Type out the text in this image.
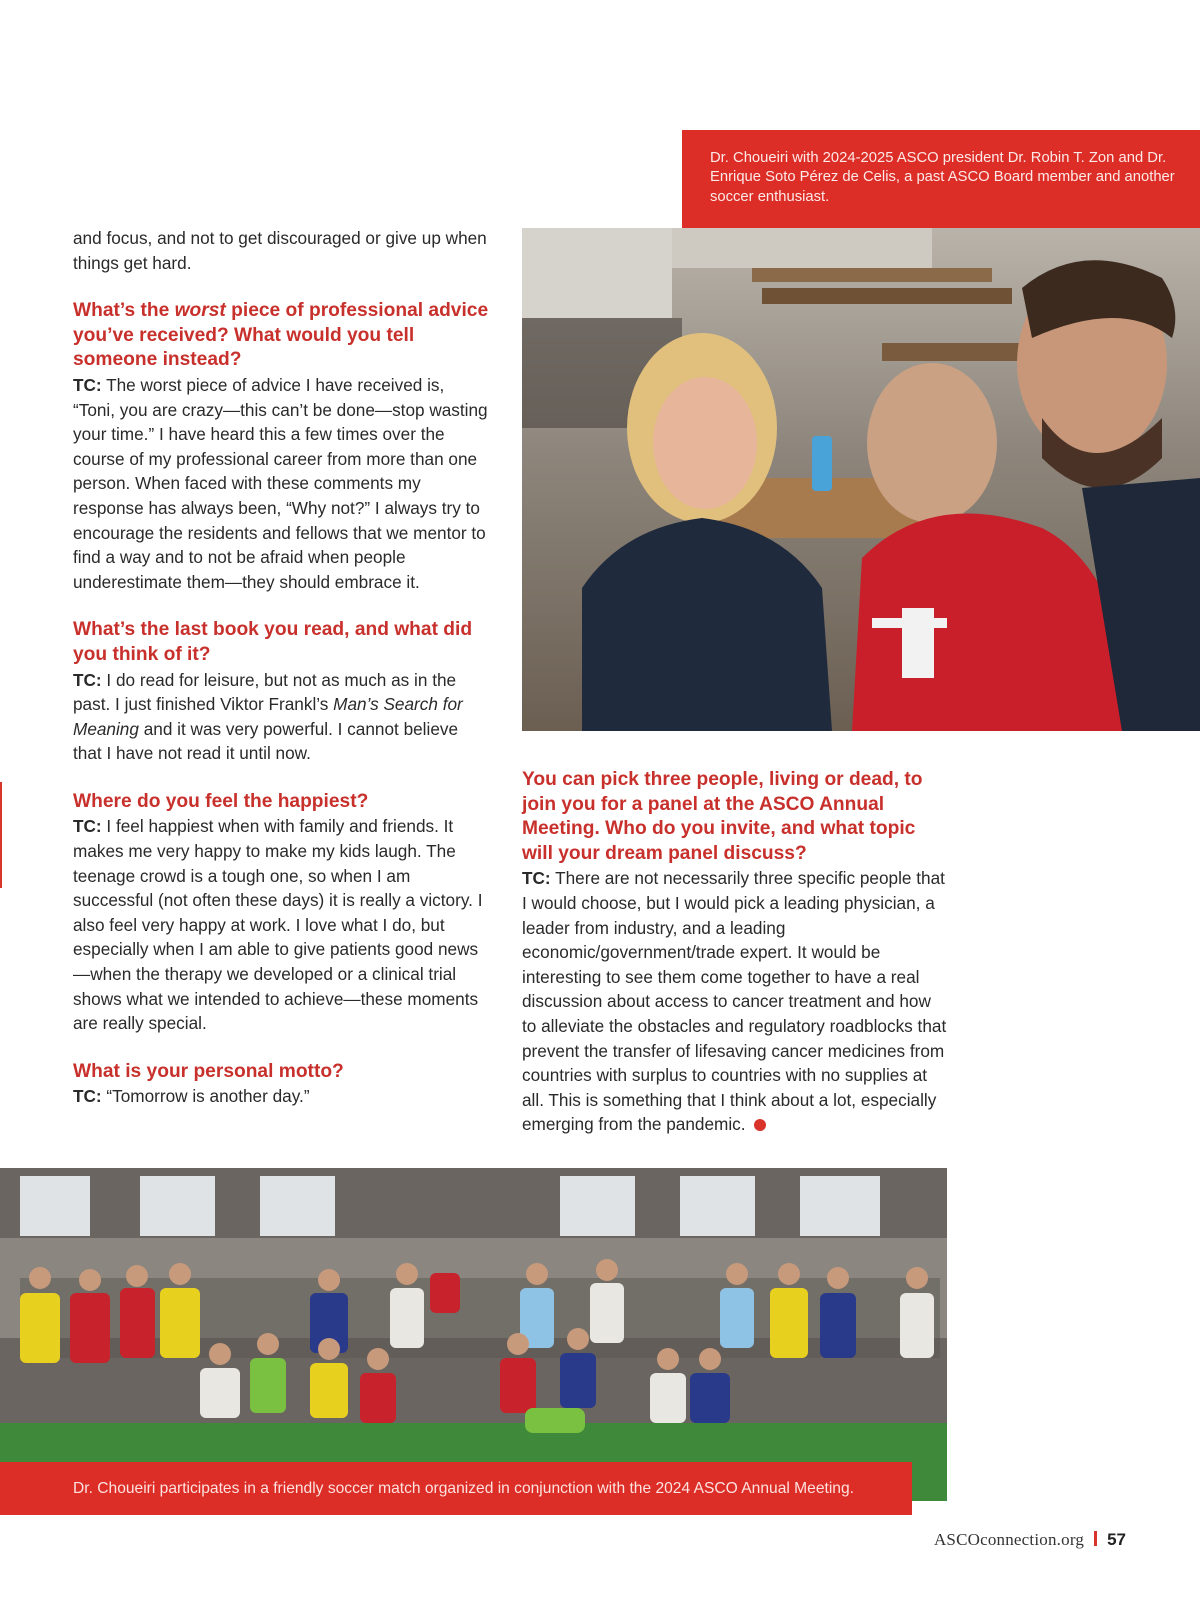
Dr. Choueiri with 2024-2025 ASCO president Dr. Robin T. Zon and Dr. Enrique Soto Pérez de Celis, a past ASCO Board member and another soccer enthusiast.

and focus, and not to get discouraged or give up when things get hard.

What’s the worst piece of professional advice you’ve received? What would you tell someone instead?

TC: The worst piece of advice I have received is, “Toni, you are crazy—this can’t be done—stop wasting your time.” I have heard this a few times over the course of my professional career from more than one person. When faced with these comments my response has always been, “Why not?” I always try to encourage the residents and fellows that we mentor to find a way and to not be afraid when people underestimate them—they should embrace it.

What’s the last book you read, and what did you think of it?

TC: I do read for leisure, but not as much as in the past. I just finished Viktor Frankl’s Man’s Search for Meaning and it was very powerful. I cannot believe that I have not read it until now.

Where do you feel the happiest?

TC: I feel happiest when with family and friends. It makes me very happy to make my kids laugh. The teenage crowd is a tough one, so when I am successful (not often these days) it is really a victory. I also feel very happy at work. I love what I do, but especially when I am able to give patients good news—when the therapy we developed or a clinical trial shows what we intended to achieve—these moments are really special.

What is your personal motto?

TC: “Tomorrow is another day.”

You can pick three people, living or dead, to join you for a panel at the ASCO Annual Meeting. Who do you invite, and what topic will your dream panel discuss?

TC: There are not necessarily three specific people that I would choose, but I would pick a leading physician, a leader from industry, and a leading economic/government/trade expert. It would be interesting to see them come together to have a real discussion about access to cancer treatment and how to alleviate the obstacles and regulatory roadblocks that prevent the transfer of lifesaving cancer medicines from countries with surplus to countries with no supplies at all. This is something that I think about a lot, especially emerging from the pandemic.

Dr. Choueiri participates in a friendly soccer match organized in conjunction with the 2024 ASCO Annual Meeting.
ASCOconnection.org 57
